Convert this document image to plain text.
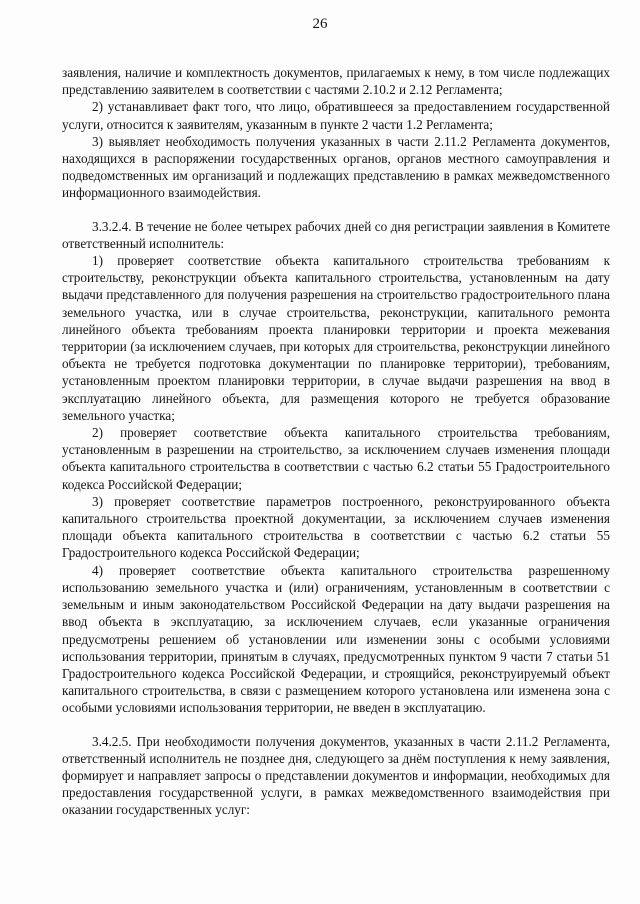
26

заявления, наличие и комплектность документов, прилагаемых к нему, в том числе подлежащих представлению заявителем в соответствии с частями 2.10.2 и 2.12 Регламента;

2) устанавливает факт того, что лицо, обратившееся за предоставлением государственной услуги, относится к заявителям, указанным в пункте 2 части 1.2 Регламента;

3) выявляет необходимость получения указанных в части 2.11.2 Регламента документов, находящихся в распоряжении государственных органов, органов местного самоуправления и подведомственных им организаций и подлежащих представлению в рамках межведомственного информационного взаимодействия.

3.3.2.4. В течение не более четырех рабочих дней со дня регистрации заявления в Комитете ответственный исполнитель:

1) проверяет соответствие объекта капитального строительства требованиям к строительству, реконструкции объекта капитального строительства, установленным на дату выдачи представленного для получения разрешения на строительство градостроительного плана земельного участка, или в случае строительства, реконструкции, капитального ремонта линейного объекта требованиям проекта планировки территории и проекта межевания территории (за исключением случаев, при которых для строительства, реконструкции линейного объекта не требуется подготовка документации по планировке территории), требованиям, установленным проектом планировки территории, в случае выдачи разрешения на ввод в эксплуатацию линейного объекта, для размещения которого не требуется образование земельного участка;

2) проверяет соответствие объекта капитального строительства требованиям, установленным в разрешении на строительство, за исключением случаев изменения площади объекта капитального строительства в соответствии с частью 6.2 статьи 55 Градостроительного кодекса Российской Федерации;

3) проверяет соответствие параметров построенного, реконструированного объекта капитального строительства проектной документации, за исключением случаев изменения площади объекта капитального строительства в соответствии с частью 6.2 статьи 55 Градостроительного кодекса Российской Федерации;

4) проверяет соответствие объекта капитального строительства разрешенному использованию земельного участка и (или) ограничениям, установленным в соответствии с земельным и иным законодательством Российской Федерации на дату выдачи разрешения на ввод объекта в эксплуатацию, за исключением случаев, если указанные ограничения предусмотрены решением об установлении или изменении зоны с особыми условиями использования территории, принятым в случаях, предусмотренных пунктом 9 части 7 статьи 51 Градостроительного кодекса Российской Федерации, и строящийся, реконструируемый объект капитального строительства, в связи с размещением которого установлена или изменена зона с особыми условиями использования территории, не введен в эксплуатацию.

3.4.2.5. При необходимости получения документов, указанных в части 2.11.2 Регламента, ответственный исполнитель не позднее дня, следующего за днём поступления к нему заявления, формирует и направляет запросы о представлении документов и информации, необходимых для предоставления государственной услуги, в рамках межведомственного взаимодействия при оказании государственных услуг:
